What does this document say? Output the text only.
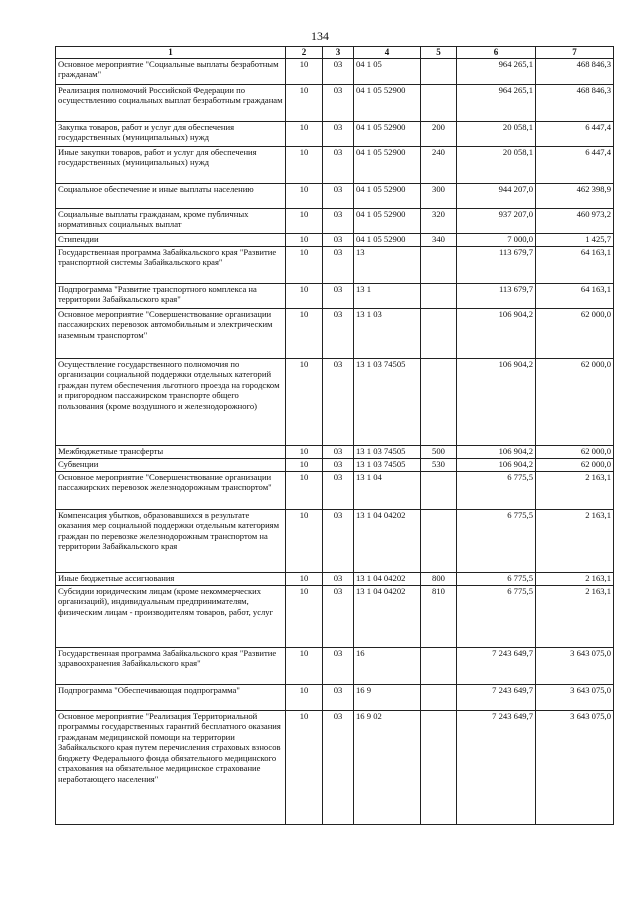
134
1	2	3	4	5	6	7
Основное мероприятие "Социальные выплаты безработным гражданам"	10	03	04 1 05		964 265,1	468 846,3
Реализация полномочий Российской Федерации по осуществлению социальных выплат безработным гражданам	10	03	04 1 05 52900		964 265,1	468 846,3
Закупка товаров, работ и услуг для обеспечения государственных (муниципальных) нужд	10	03	04 1 05 52900	200	20 058,1	6 447,4
Иные закупки товаров, работ и услуг для обеспечения государственных (муниципальных) нужд	10	03	04 1 05 52900	240	20 058,1	6 447,4
Социальное обеспечение и иные выплаты населению	10	03	04 1 05 52900	300	944 207,0	462 398,9
Социальные выплаты гражданам, кроме публичных нормативных социальных выплат	10	03	04 1 05 52900	320	937 207,0	460 973,2
Стипендии	10	03	04 1 05 52900	340	7 000,0	1 425,7
Государственная программа Забайкальского края "Развитие транспортной системы Забайкальского края"	10	03	13		113 679,7	64 163,1
Подпрограмма "Развитие транспортного комплекса на территории Забайкальского края"	10	03	13 1		113 679,7	64 163,1
Основное мероприятие "Совершенствование организации пассажирских перевозок автомобильным и электрическим наземным транспортом"	10	03	13 1 03		106 904,2	62 000,0
Осуществление государственного полномочия по организации социальной поддержки отдельных категорий граждан путем обеспечения льготного проезда на городском и пригородном пассажирском транспорте общего пользования (кроме воздушного и железнодорожного)	10	03	13 1 03 74505		106 904,2	62 000,0
Межбюджетные трансферты	10	03	13 1 03 74505	500	106 904,2	62 000,0
Субвенции	10	03	13 1 03 74505	530	106 904,2	62 000,0
Основное мероприятие "Совершенствование организации пассажирских перевозок железнодорожным транспортом"	10	03	13 1 04		6 775,5	2 163,1
Компенсация убытков, образовавшихся в результате оказания мер социальной поддержки отдельным категориям граждан по перевозке железнодорожным транспортом на территории Забайкальского края	10	03	13 1 04 04202		6 775,5	2 163,1
Иные бюджетные ассигнования	10	03	13 1 04 04202	800	6 775,5	2 163,1
Субсидии юридическим лицам (кроме некоммерческих организаций), индивидуальным предпринимателям, физическим лицам - производителям товаров, работ, услуг	10	03	13 1 04 04202	810	6 775,5	2 163,1
Государственная программа Забайкальского края "Развитие здравоохранения Забайкальского края"	10	03	16		7 243 649,7	3 643 075,0
Подпрограмма "Обеспечивающая подпрограмма"	10	03	16 9		7 243 649,7	3 643 075,0
Основное мероприятие "Реализация Территориальной программы государственных гарантий бесплатного оказания гражданам медицинской помощи на территории Забайкальского края путем перечисления страховых взносов бюджету Федерального фонда обязательного медицинского страхования на обязательное медицинское страхование неработающего населения"	10	03	16 9 02		7 243 649,7	3 643 075,0
